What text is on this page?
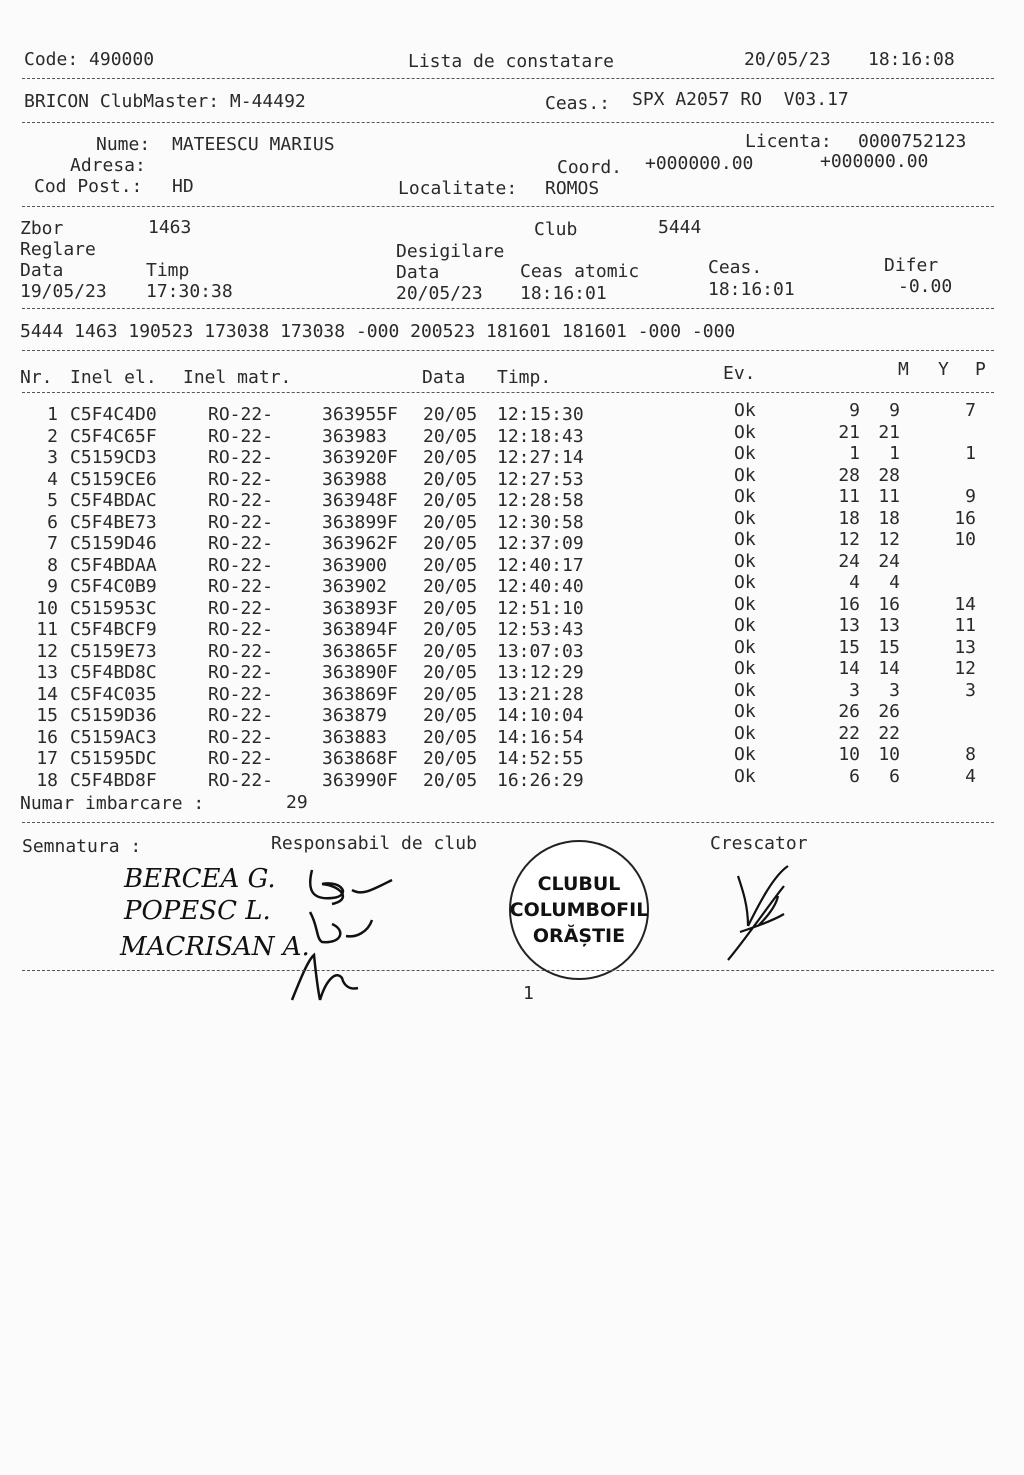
Code: 490000	Lista de constatare	20/05/23 18:16:08
BRICON ClubMaster: M-44492	Ceas.: SPX A2057 RO  V03.17
Nume: MATEESCU MARIUS	Licenta: 0000752123
Adresa:	Coord. +000000.00	+000000.00
Cod Post.: HD	Localitate: ROMOS
Zbor	1463	Club	5444
Reglare	Desigilare
Data	Timp	Data	Ceas atomic	Ceas.	Difer
19/05/23 17:30:38	20/05/23 18:16:01	18:16:01	-0.00
5444 1463 190523 173038 173038 -000 200523 181601 181601 -000 -000
Nr. Inel el. Inel matr.	Data Timp.	Ev.	M Y P
1 C5F4C4D0	RO-22-	363955F 20/05 12:15:30	Ok	9	9	7
2 C5F4C65F	RO-22-	363983 20/05 12:18:43	Ok	21	21
3 C5159CD3	RO-22-	363920F 20/05 12:27:14	Ok	1	1	1
4 C5159CE6	RO-22-	363988 20/05 12:27:53	Ok	28	28
5 C5F4BDAC	RO-22-	363948F 20/05 12:28:58	Ok	11	11	9
6 C5F4BE73	RO-22-	363899F 20/05 12:30:58	Ok	18	18	16
7 C5159D46	RO-22-	363962F 20/05 12:37:09	Ok	12	12	10
8 C5F4BDAA	RO-22-	363900 20/05 12:40:17	Ok	24	24
9 C5F4C0B9	RO-22-	363902 20/05 12:40:40	Ok	4	4
10 C515953C	RO-22-	363893F 20/05 12:51:10	Ok	16	16	14
11 C5F4BCF9	RO-22-	363894F 20/05 12:53:43	Ok	13	13	11
12 C5159E73	RO-22-	363865F 20/05 13:07:03	Ok	15	15	13
13 C5F4BD8C	RO-22-	363890F 20/05 13:12:29	Ok	14	14	12
14 C5F4C035	RO-22-	363869F 20/05 13:21:28	Ok	3	3	3
15 C5159D36	RO-22-	363879 20/05 14:10:04	Ok	26	26
16 C5159AC3	RO-22-	363883 20/05 14:16:54	Ok	22	22
17 C51595DC	RO-22-	363868F 20/05 14:52:55	Ok	10	10	8
18 C5F4BD8F	RO-22-	363990F 20/05 16:26:29	Ok	6	6	4
Numar imbarcare :	29
Semnatura :	Responsabil de club	Crescator
BERCEA G.
POPESC L.
MACRISAN A.
CLUBUL
COLUMBOFIL
ORĂȘTIE
1
